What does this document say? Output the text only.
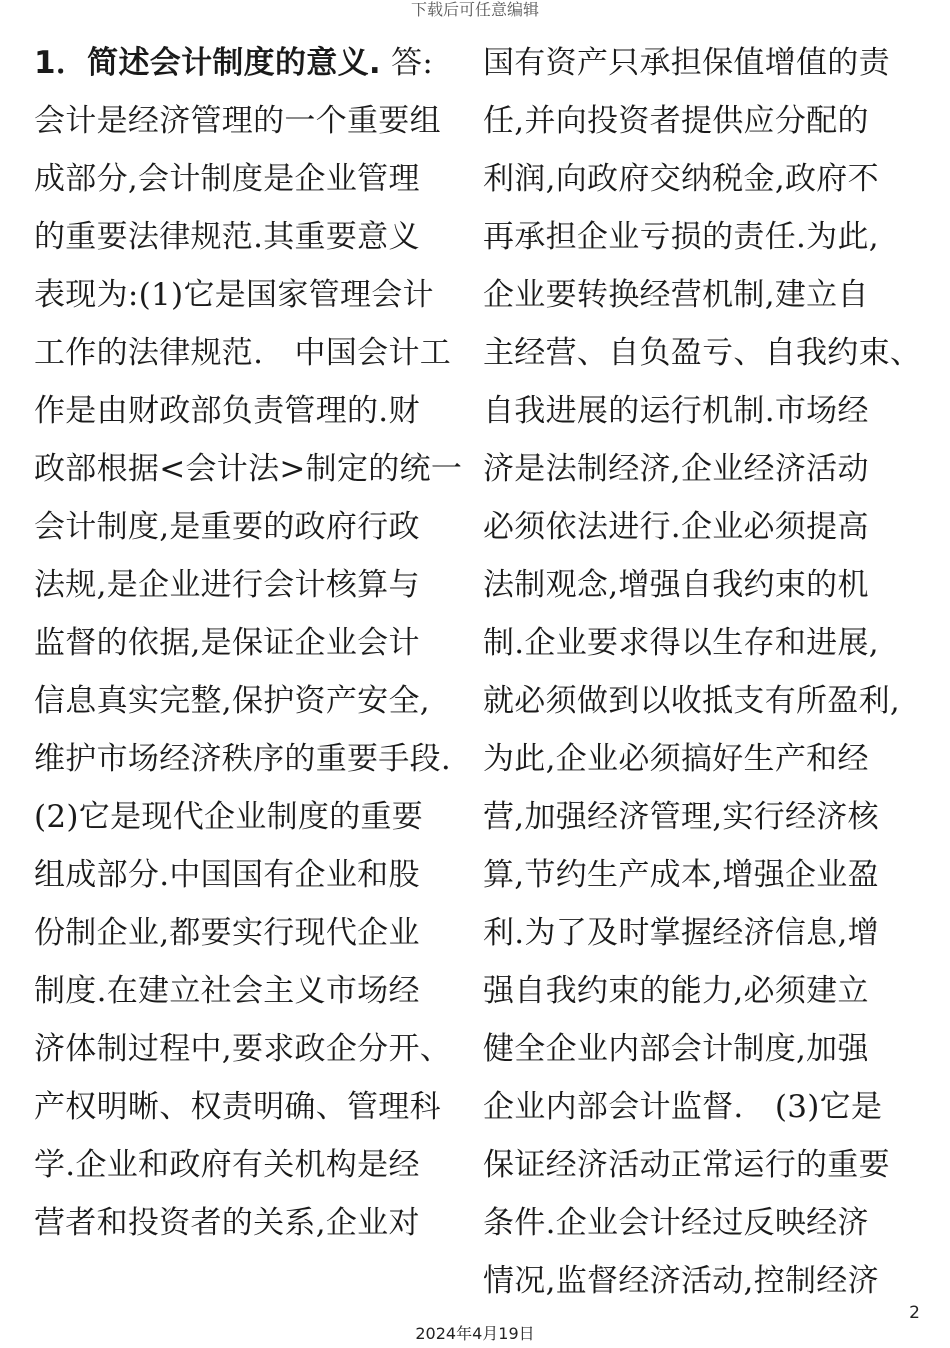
下载后可任意编辑
1．简述会计制度的意义. 答:
会计是经济管理的一个重要组
成部分,会计制度是企业管理
的重要法律规范.其重要意义
表现为:(1)它是国家管理会计
工作的法律规范.　中国会计工
作是由财政部负责管理的.财
政部根据<会计法>制定的统一
会计制度,是重要的政府行政
法规,是企业进行会计核算与
监督的依据,是保证企业会计
信息真实完整,保护资产安全,
维护市场经济秩序的重要手段.
(2)它是现代企业制度的重要
组成部分.中国国有企业和股
份制企业,都要实行现代企业
制度.在建立社会主义市场经
济体制过程中,要求政企分开、
产权明晰、权责明确、管理科
学.企业和政府有关机构是经
营者和投资者的关系,企业对
国有资产只承担保值增值的责
任,并向投资者提供应分配的
利润,向政府交纳税金,政府不
再承担企业亏损的责任.为此,
企业要转换经营机制,建立自
主经营、自负盈亏、自我约束、
自我进展的运行机制.市场经
济是法制经济,企业经济活动
必须依法进行.企业必须提高
法制观念,增强自我约束的机
制.企业要求得以生存和进展,
就必须做到以收抵支有所盈利,
为此,企业必须搞好生产和经
营,加强经济管理,实行经济核
算,节约生产成本,增强企业盈
利.为了及时掌握经济信息,增
强自我约束的能力,必须建立
健全企业内部会计制度,加强
企业内部会计监督.　(3)它是
保证经济活动正常运行的重要
条件.企业会计经过反映经济
情况,监督经济活动,控制经济
2
2024年4月19日
